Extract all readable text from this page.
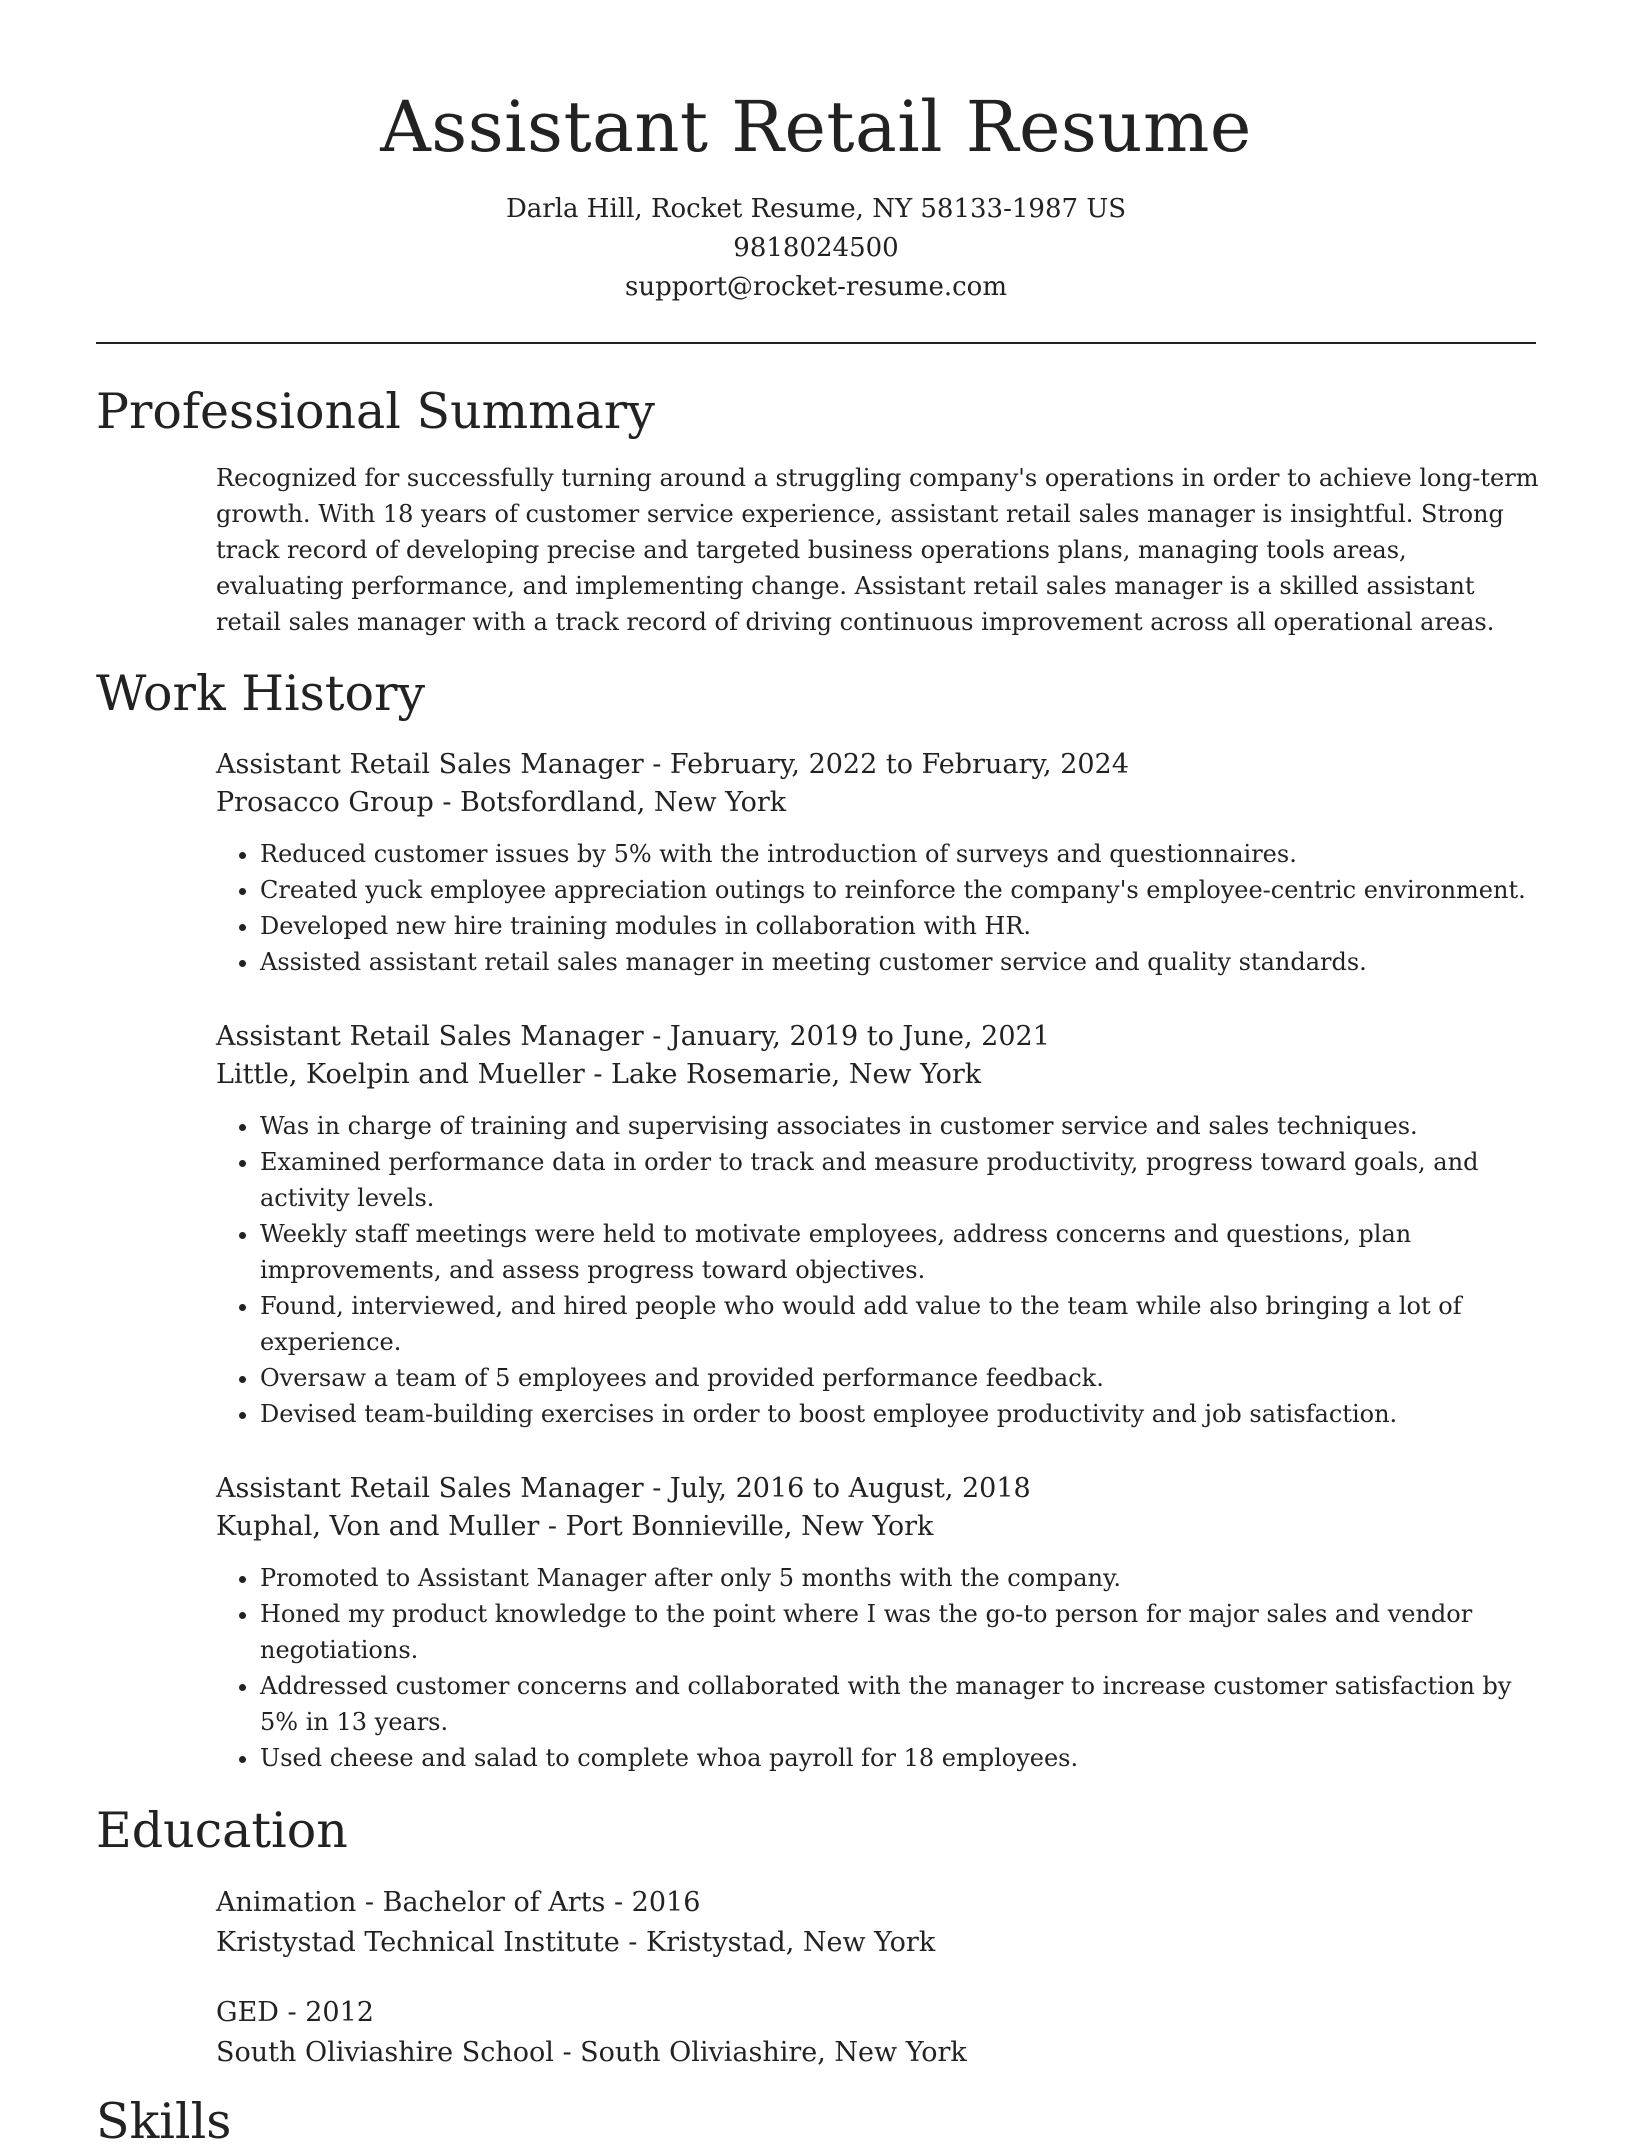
Assistant Retail Resume
Darla Hill, Rocket Resume, NY 58133-1987 US
9818024500
support@rocket-resume.com
Professional Summary

Recognized for successfully turning around a struggling company's operations in order to achieve long-term growth. With 18 years of customer service experience, assistant retail sales manager is insightful. Strong track record of developing precise and targeted business operations plans, managing tools areas, evaluating performance, and implementing change. Assistant retail sales manager is a skilled assistant retail sales manager with a track record of driving continuous improvement across all operational areas.

Work History
Assistant Retail Sales Manager - February, 2022 to February, 2024
Prosacco Group - Botsfordland, New York
• Reduced customer issues by 5% with the introduction of surveys and questionnaires.
• Created yuck employee appreciation outings to reinforce the company's employee-centric environment.
• Developed new hire training modules in collaboration with HR.
• Assisted assistant retail sales manager in meeting customer service and quality standards.
Assistant Retail Sales Manager - January, 2019 to June, 2021
Little, Koelpin and Mueller - Lake Rosemarie, New York
• Was in charge of training and supervising associates in customer service and sales techniques.
• Examined performance data in order to track and measure productivity, progress toward goals, and activity levels.
• Weekly staff meetings were held to motivate employees, address concerns and questions, plan improvements, and assess progress toward objectives.
• Found, interviewed, and hired people who would add value to the team while also bringing a lot of experience.
• Oversaw a team of 5 employees and provided performance feedback.
• Devised team-building exercises in order to boost employee productivity and job satisfaction.
Assistant Retail Sales Manager - July, 2016 to August, 2018
Kuphal, Von and Muller - Port Bonnieville, New York
• Promoted to Assistant Manager after only 5 months with the company.
• Honed my product knowledge to the point where I was the go-to person for major sales and vendor negotiations.
• Addressed customer concerns and collaborated with the manager to increase customer satisfaction by 5% in 13 years.
• Used cheese and salad to complete whoa payroll for 18 employees.
Education
Animation - Bachelor of Arts - 2016
Kristystad Technical Institute - Kristystad, New York
GED - 2012
South Oliviashire School - South Oliviashire, New York
Skills
